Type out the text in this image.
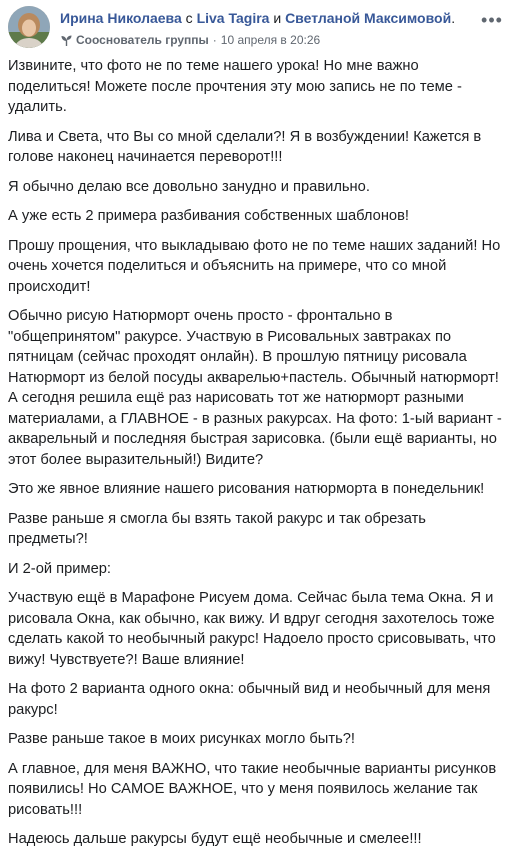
Ирина Николаева с Liva Tagira и Светланой Максимовой.
Сооснователь группы · 10 апреля в 20:26
•••

Извините, что фото не по теме нашего урока! Но мне важно поделиться! Можете после прочтения эту мою запись не по теме - удалить.

Лива и Света, что Вы со мной сделали?! Я в возбуждении! Кажется в голове наконец начинается переворот!!!

Я обычно делаю все довольно занудно и правильно.

А уже есть 2 примера разбивания собственных шаблонов!

Прошу прощения, что выкладываю фото не по теме наших заданий! Но очень хочется поделиться и объяснить на примере, что со мной происходит!

Обычно рисую Натюрморт очень просто - фронтально в "общепринятом" ракурсе. Участвую в Рисовальных завтраках по пятницам (сейчас проходят онлайн). В прошлую пятницу рисовала Натюрморт из белой посуды акварелью+пастель. Обычный натюрморт! А сегодня решила ещё раз нарисовать тот же натюрморт разными материалами, а ГЛАВНОЕ - в разных ракурсах. На фото: 1-ый вариант - акварельный и последняя быстрая зарисовка. (были ещё варианты, но этот более выразительный!) Видите?

Это же явное влияние нашего рисования натюрморта в понедельник!

Разве раньше я смогла бы взять такой ракурс и так обрезать предметы?!

И 2-ой пример:

Участвую ещё в Марафоне Рисуем дома. Сейчас была тема Окна. Я и рисовала Окна, как обычно, как вижу. И вдруг сегодня захотелось тоже сделать какой то необычный ракурс! Надоело просто срисовывать, что вижу! Чувствуете?! Ваше влияние!

На фото 2 варианта одного окна: обычный вид и необычный для меня ракурс!

Разве раньше такое в моих рисунках могло быть?!

А главное, для меня ВАЖНО, что такие необычные варианты рисунков появились! Но САМОЕ ВАЖНОЕ, что у меня появилось желание так рисовать!!!

Надеюсь дальше ракурсы будут ещё необычные и смелее!!!
